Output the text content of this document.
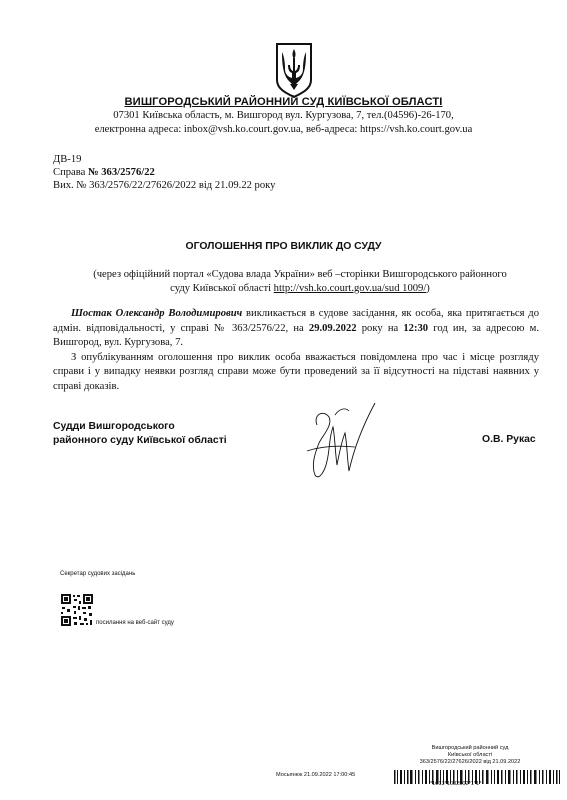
ВИШГОРОДСЬКИЙ РАЙОННИЙ СУД КИЇВСЬКОЇ ОБЛАСТІ
07301 Київська область, м. Вишгород вул. Кургузова, 7, тел.(04596)-26-170,
електронна адреса: inbox@vsh.ko.court.gov.ua, веб-адреса: https://vsh.ko.court.gov.ua
ДВ-19
Справа № 363/2576/22
Вих. № 363/2576/22/27626/2022 від 21.09.22 року
ОГОЛОШЕННЯ ПРО ВИКЛИК ДО СУДУ
(через офіційний портал «Судова влада України» веб –сторінки Вишгородського районного суду Київської області http://vsh.ko.court.gov.ua/sud 1009/)

Шостак Олександр Володимирович викликається в судове засідання, як особа, яка притягається до адмін. відповідальності, у справі № 363/2576/22, на 29.09.2022 року на 12:30 год ин, за адресою м. Вишгород, вул. Кургузова, 7.

З опублікуванням оголошення про виклик особа вважається повідомлена про час і місце розгляду справи і у випадку неявки розгляд справи може бути проведений за її відсутності на підставі наявних у справі доказів.

Судди Вишгородського
районного суду Київської області	О.В. Рукас
Секретар судових засідань
посилання на веб-сайт суду
Вишгородський районний суд
Київської області
363/2576/22/27626/2022 від 21.09.2022
Мосьянюк 21.09.2022 17:00:45
*1013*1082502*1*1*
